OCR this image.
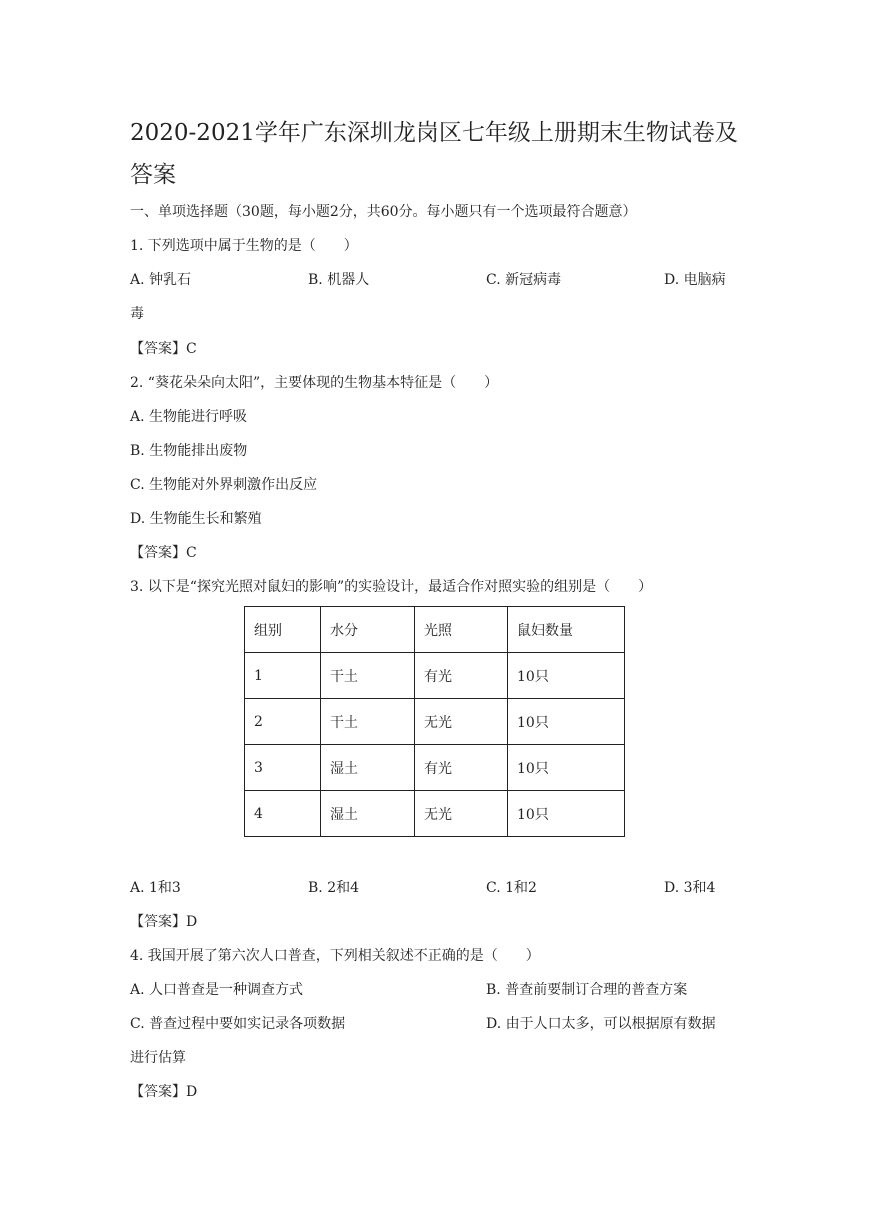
2020-2021学年广东深圳龙岗区七年级上册期末生物试卷及答案
一、单项选择题（30题，每小题2分，共60分。每小题只有一个选项最符合题意）
1. 下列选项中属于生物的是（　　）
A. 钟乳石	B. 机器人	C. 新冠病毒	D. 电脑病
毒
【答案】C
2. “葵花朵朵向太阳”，主要体现的生物基本特征是（　　）
A. 生物能进行呼吸
B. 生物能排出废物
C. 生物能对外界刺激作出反应
D. 生物能生长和繁殖
【答案】C
3. 以下是“探究光照对鼠妇的影响”的实验设计，最适合作对照实验的组别是（　　）
组别	水分	光照	鼠妇数量
1	干土	有光	10只
2	干土	无光	10只
3	湿土	有光	10只
4	湿土	无光	10只
A. 1和3	B. 2和4	C. 1和2	D. 3和4
【答案】D
4. 我国开展了第六次人口普查，下列相关叙述不正确的是（　　）
A. 人口普查是一种调查方式	B. 普查前要制订合理的普查方案
C. 普查过程中要如实记录各项数据	D. 由于人口太多，可以根据原有数据
进行估算
【答案】D
